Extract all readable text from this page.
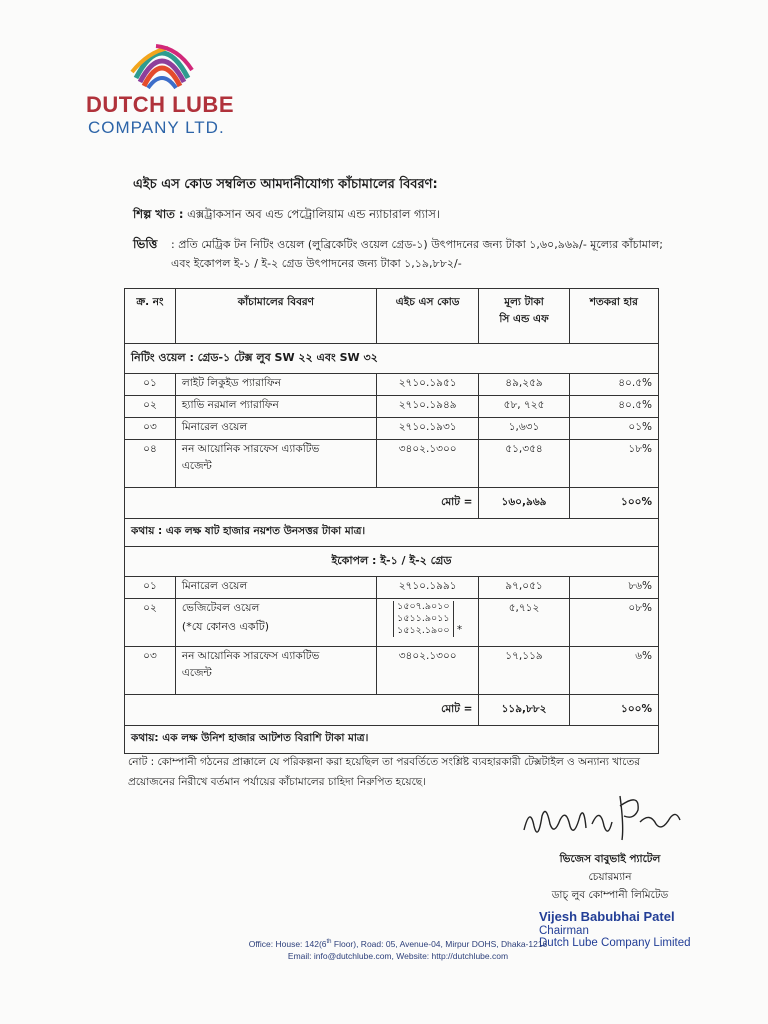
DUTCH LUBE
COMPANY LTD.
এইচ এস কোড সম্বলিত আমদানীযোগ্য কাঁচামালের বিবরণ:
শিল্প খাত : এক্সট্রাকসান অব এন্ড পেট্রোলিয়াম এন্ড ন্যাচারাল গ্যাস।
ভিত্তি : প্রতি মেট্রিক টন নিটিং ওয়েল (লুব্রিকেটিং ওয়েল গ্রেড-১) উৎপাদনের জন্য টাকা ১,৬০,৯৬৯/- মূল্যের কাঁচামাল; এবং ইকোপল ই-১ / ই-২ গ্রেড উৎপাদনের জন্য টাকা ১,১৯,৮৮২/-
ক্র. নং	কাঁচামালের বিবরণ	এইচ এস কোড	মূল্য টাকা
সি এন্ড এফ	শতকরা হার
নিটিং ওয়েল : গ্রেড-১ টেক্স লুব SW ২২ এবং SW ৩২				
০১	লাইট লিকুইড প্যারাফিন	২৭১০.১৯৫১	৪৯,২৫৯	৪০.৫%
০২	হ্যাভি নরমাল প্যারাফিন	২৭১০.১৯৪৯	৫৮, ৭২৫	৪০.৫%
০৩	মিনারেল ওয়েল	২৭১০.১৯৩১	১,৬৩১	০১%
০৪	নন আয়োনিক সারফেস এ্যাকটিভ
এজেন্ট	৩৪০২.১৩০০	৫১,৩৫৪	১৮%
মোট =			১৬০,৯৬৯	১০০%
কথায় : এক লক্ষ ষাট হাজার নয়শত উনসত্তর টাকা মাত্র।				
ইকোপল : ই-১ / ই-২ গ্রেড				
০১	মিনারেল ওয়েল	২৭১০.১৯৯১	৯৭,০৫১	৮৬%
০২	ভেজিটেবল ওয়েল
(*যে কোনও একটি)	১৫০৭.৯০১০
১৫১১.৯০১১
১৫১২.১৯০০ *	৫,৭১২	০৮%
০৩	নন আয়োনিক সারফেস এ্যাকটিভ
এজেন্ট	৩৪০২.১৩০০	১৭,১১৯	৬%
মোট =			১১৯,৮৮২	১০০%
কথায়: এক লক্ষ উনিশ হাজার আটশত বিরাশি টাকা মাত্র।				
নোট : কোম্পানী গঠনের প্রাক্কালে যে পরিকল্পনা করা হয়েছিল তা পরবর্তিতে সংশ্লিষ্ট ব্যবহারকারী টেক্সটাইল ও অন্যান্য খাতের প্রয়োজনের নিরীখে বর্তমান পর্যায়ের কাঁচামালের চাহিদা নিরুপিত হয়েছে।
ভিজেস বাবুভাই প্যাটেল
চেয়ারম্যান
ডাচ্ লুব কোম্পানী লিমিটেড
Vijesh Babubhai Patel
Chairman
Dutch Lube Company Limited
Office: House: 142(6th Floor), Road: 05, Avenue-04, Mirpur DOHS, Dhaka-1216
Email: info@dutchlube.com, Website: http://dutchlube.com
